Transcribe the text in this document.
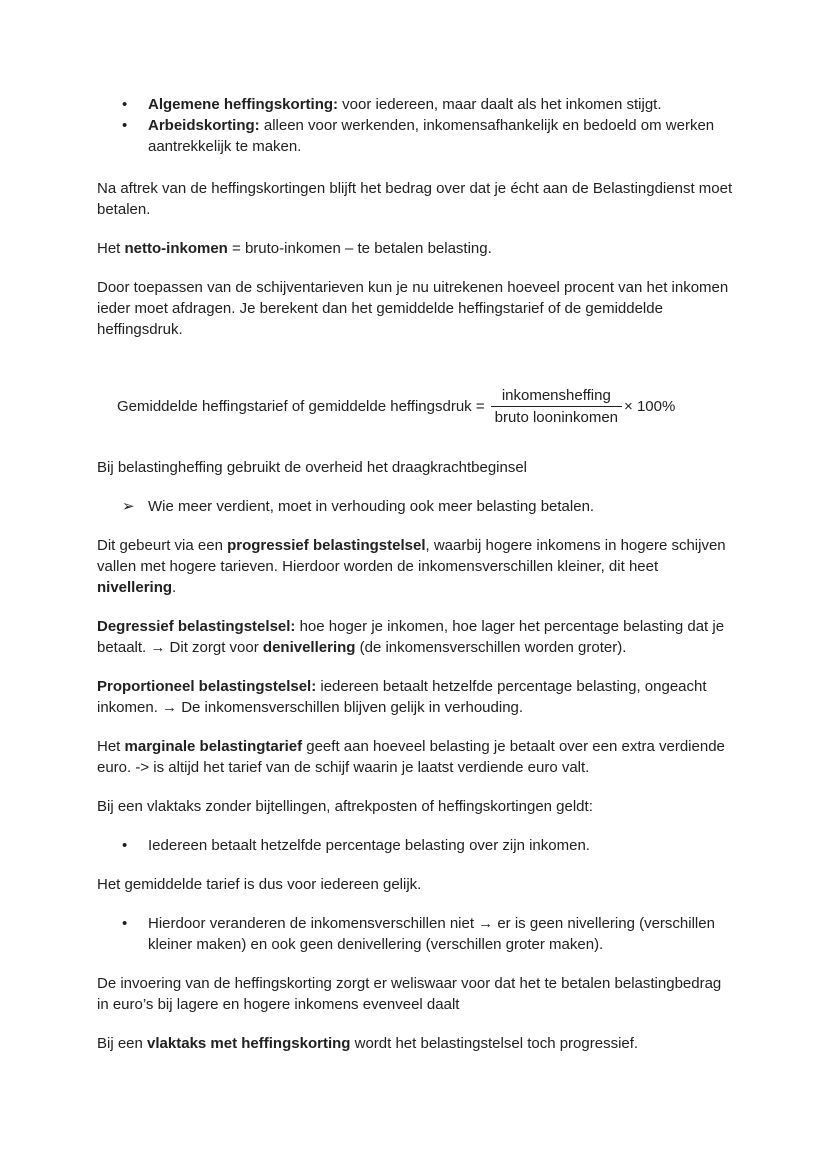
•	Algemene heffingskorting: voor iedereen, maar daalt als het inkomen stijgt.
•	Arbeidskorting: alleen voor werkenden, inkomensafhankelijk en bedoeld om werken aantrekkelijk te maken.

Na aftrek van de heffingskortingen blijft het bedrag over dat je écht aan de Belastingdienst moet betalen.

Het netto-inkomen = bruto-inkomen – te betalen belasting.

Door toepassen van de schijventarieven kun je nu uitrekenen hoeveel procent van het inkomen ieder moet afdragen. Je berekent dan het gemiddelde heffingstarief of de gemiddelde heffingsdruk.

Gemiddelde heffingstarief of gemiddelde heffingsdruk = $\frac{\text{inkomensheffing}}{\text{bruto looninkomen}} \times 100\%$

Bij belastingheffing gebruikt de overheid het draagkrachtbeginsel

➢ Wie meer verdient, moet in verhouding ook meer belasting betalen.

Dit gebeurt via een progressief belastingstelsel, waarbij hogere inkomens in hogere schijven vallen met hogere tarieven. Hierdoor worden de inkomensverschillen kleiner, dit heet nivellering.

Degressief belastingstelsel: hoe hoger je inkomen, hoe lager het percentage belasting dat je betaalt. → Dit zorgt voor denivellering (de inkomensverschillen worden groter).

Proportioneel belastingstelsel: iedereen betaalt hetzelfde percentage belasting, ongeacht inkomen. → De inkomensverschillen blijven gelijk in verhouding.

Het marginale belastingtarief geeft aan hoeveel belasting je betaalt over een extra verdiende euro. -> is altijd het tarief van de schijf waarin je laatst verdiende euro valt.

Bij een vlaktaks zonder bijtellingen, aftrekposten of heffingskortingen geldt:

•	Iedereen betaalt hetzelfde percentage belasting over zijn inkomen.

Het gemiddelde tarief is dus voor iedereen gelijk.

•	Hierdoor veranderen de inkomensverschillen niet → er is geen nivellering (verschillen kleiner maken) en ook geen denivellering (verschillen groter maken).

De invoering van de heffingskorting zorgt er weliswaar voor dat het te betalen belastingbedrag in euro’s bij lagere en hogere inkomens evenveel daalt

Bij een vlaktaks met heffingskorting wordt het belastingstelsel toch progressief.
